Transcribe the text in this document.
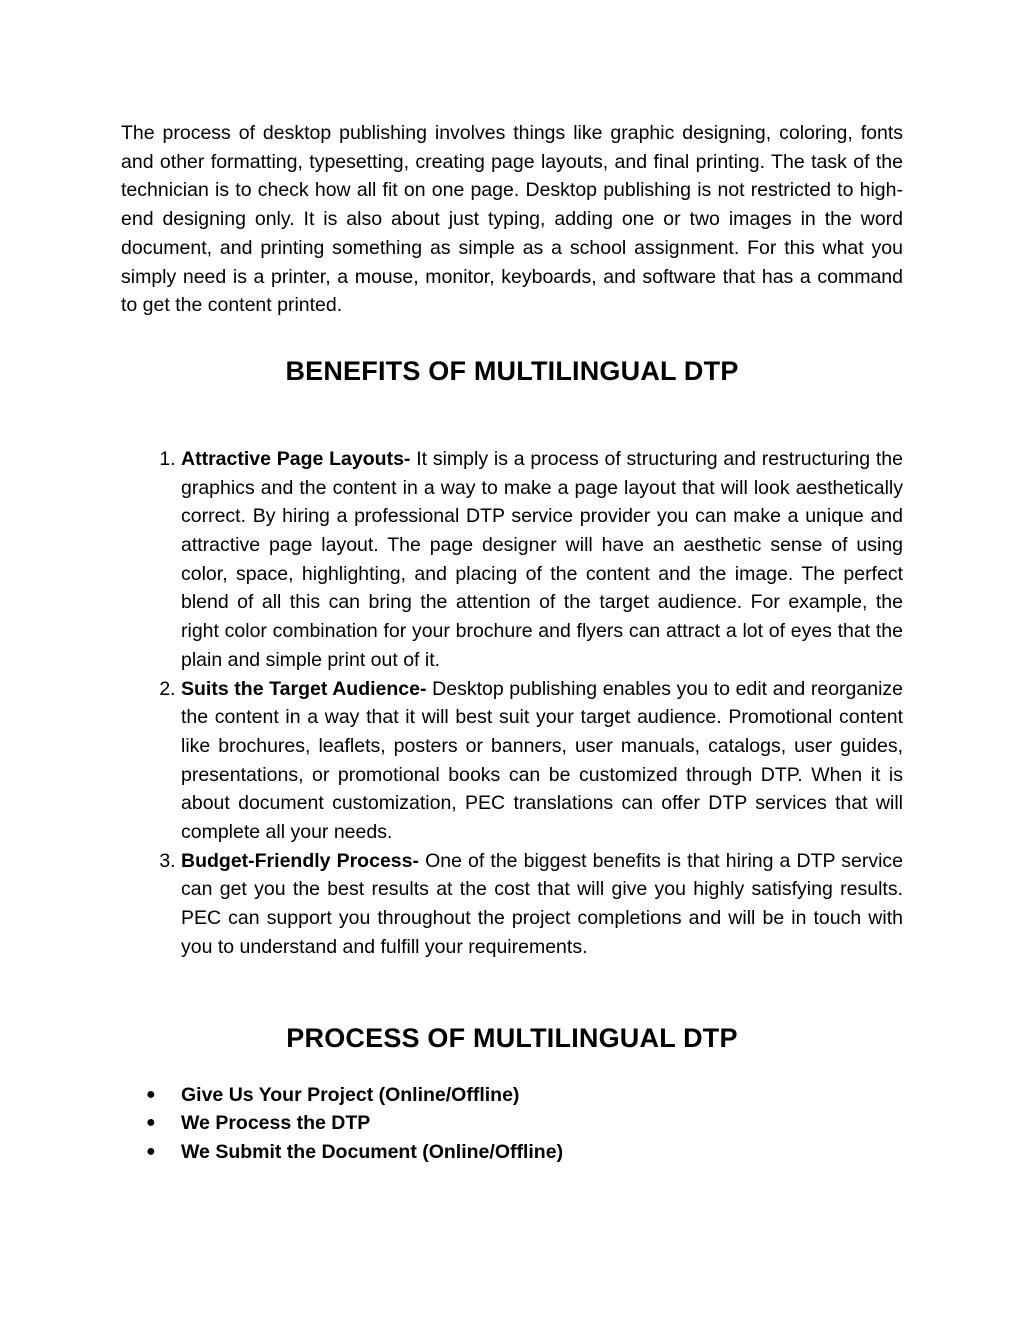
The process of desktop publishing involves things like graphic designing, coloring, fonts and other formatting, typesetting, creating page layouts, and final printing. The task of the technician is to check how all fit on one page. Desktop publishing is not restricted to high-end designing only. It is also about just typing, adding one or two images in the word document, and printing something as simple as a school assignment. For this what you simply need is a printer, a mouse, monitor, keyboards, and software that has a command to get the content printed.

BENEFITS OF MULTILINGUAL DTP
1. Attractive Page Layouts- It simply is a process of structuring and restructuring the graphics and the content in a way to make a page layout that will look aesthetically correct. By hiring a professional DTP service provider you can make a unique and attractive page layout. The page designer will have an aesthetic sense of using color, space, highlighting, and placing of the content and the image. The perfect blend of all this can bring the attention of the target audience. For example, the right color combination for your brochure and flyers can attract a lot of eyes that the plain and simple print out of it.
2. Suits the Target Audience- Desktop publishing enables you to edit and reorganize the content in a way that it will best suit your target audience. Promotional content like brochures, leaflets, posters or banners, user manuals, catalogs, user guides, presentations, or promotional books can be customized through DTP. When it is about document customization, PEC translations can offer DTP services that will complete all your needs.
3. Budget-Friendly Process- One of the biggest benefits is that hiring a DTP service can get you the best results at the cost that will give you highly satisfying results. PEC can support you throughout the project completions and will be in touch with you to understand and fulfill your requirements.
PROCESS OF MULTILINGUAL DTP
● Give Us Your Project (Online/Offline)
● We Process the DTP
● We Submit the Document (Online/Offline)
